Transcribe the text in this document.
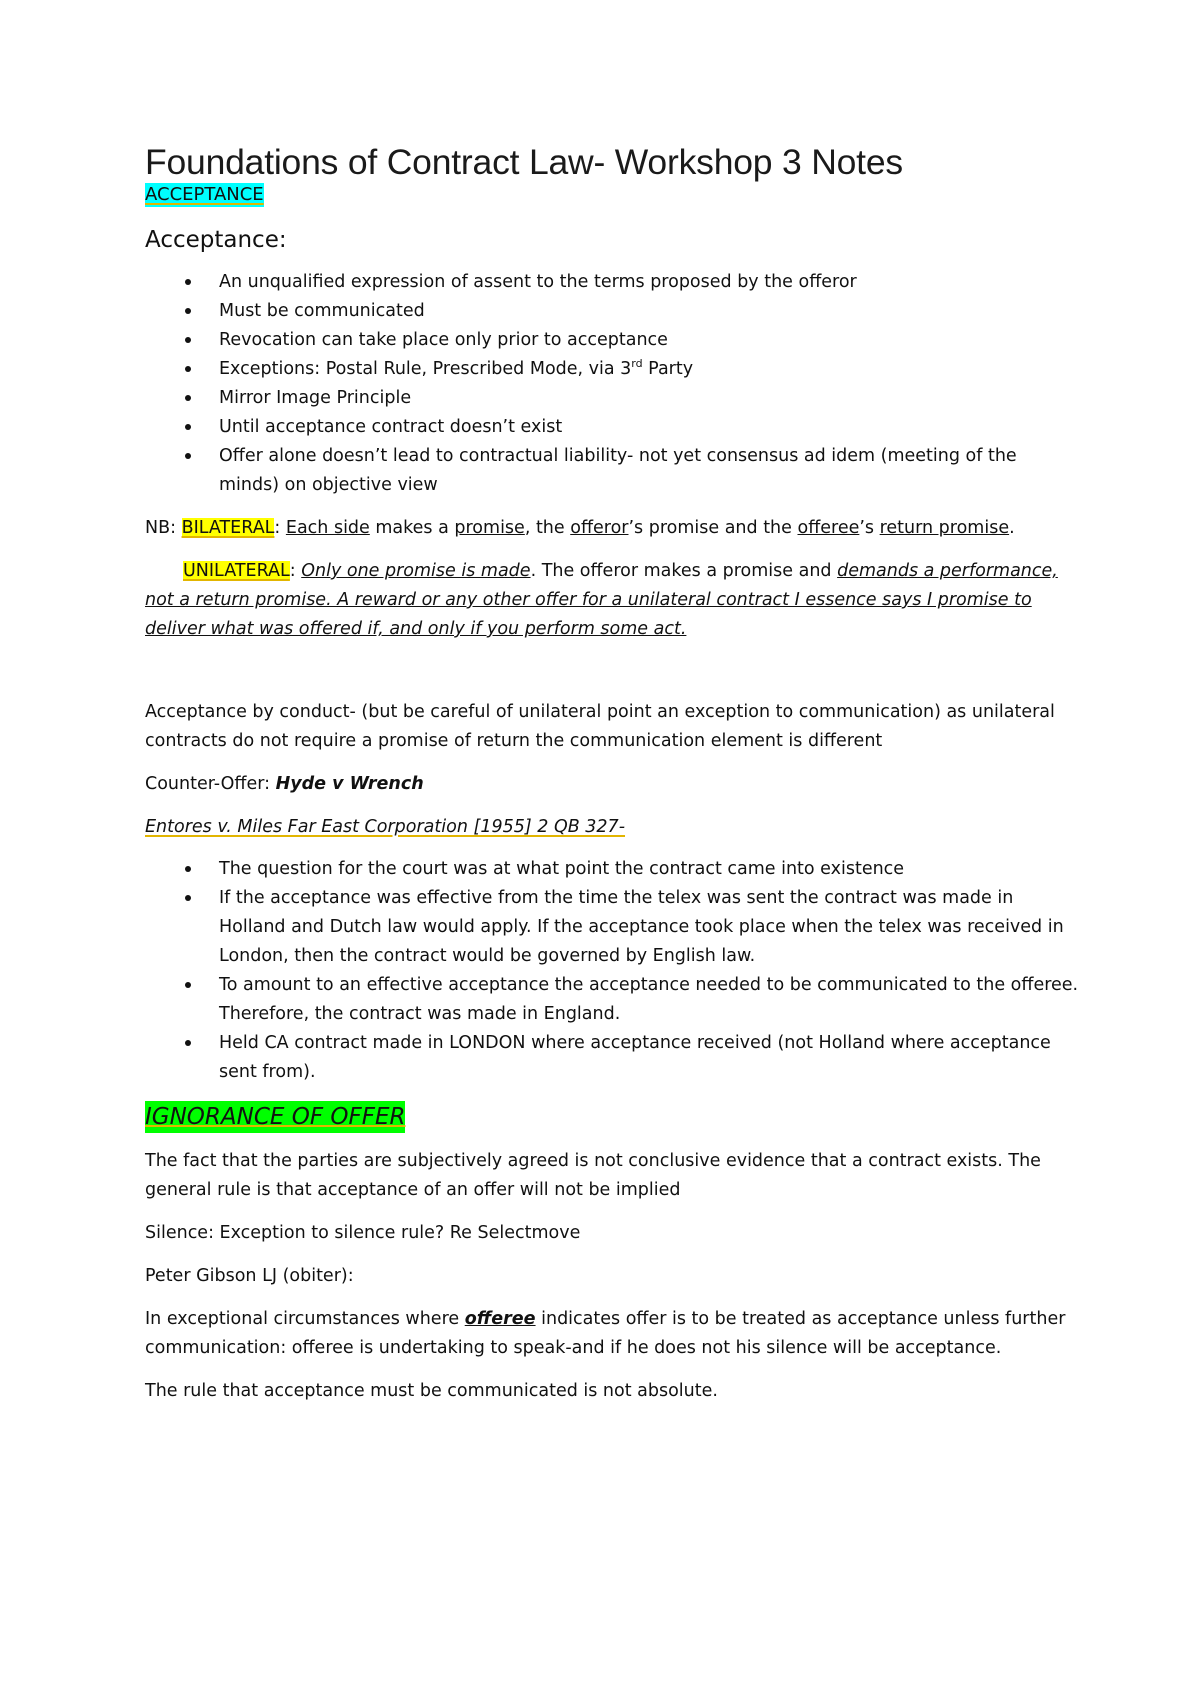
Foundations of Contract Law- Workshop 3 Notes
ACCEPTANCE
Acceptance:
An unqualified expression of assent to the terms proposed by the offeror
Must be communicated
Revocation can take place only prior to acceptance
Exceptions: Postal Rule, Prescribed Mode, via 3rd Party
Mirror Image Principle
Until acceptance contract doesn’t exist
Offer alone doesn’t lead to contractual liability- not yet consensus ad idem (meeting of the minds) on objective view

NB: BILATERAL: Each side makes a promise, the offeror’s promise and the offeree’s return promise.

UNILATERAL: Only one promise is made. The offeror makes a promise and demands a performance, not a return promise. A reward or any other offer for a unilateral contract I essence says I promise to deliver what was offered if, and only if you perform some act.

Acceptance by conduct- (but be careful of unilateral point an exception to communication) as unilateral contracts do not require a promise of return the communication element is different

Counter-Offer: Hyde v Wrench

Entores v. Miles Far East Corporation [1955] 2 QB 327-

The question for the court was at what point the contract came into existence
If the acceptance was effective from the time the telex was sent the contract was made in Holland and Dutch law would apply. If the acceptance took place when the telex was received in London, then the contract would be governed by English law.
To amount to an effective acceptance the acceptance needed to be communicated to the offeree. Therefore, the contract was made in England.
Held CA contract made in LONDON where acceptance received (not Holland where acceptance sent from).
IGNORANCE OF OFFER

The fact that the parties are subjectively agreed is not conclusive evidence that a contract exists. The general rule is that acceptance of an offer will not be implied

Silence: Exception to silence rule? Re Selectmove

Peter Gibson LJ (obiter):

In exceptional circumstances where offeree indicates offer is to be treated as acceptance unless further communication: offeree is undertaking to speak-and if he does not his silence will be acceptance.

The rule that acceptance must be communicated is not absolute.
